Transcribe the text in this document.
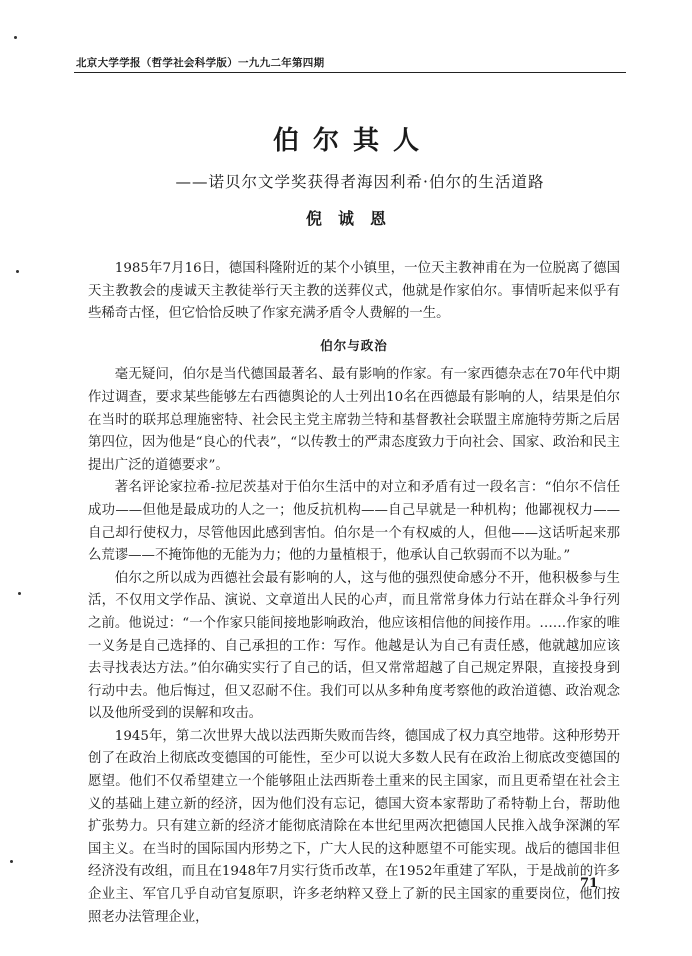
北京大学学报（哲学社会科学版）一九九二年第四期
伯尔其人
——诺贝尔文学奖获得者海因利希·伯尔的生活道路
倪诚恩

1985年7月16日，德国科隆附近的某个小镇里，一位天主教神甫在为一位脱离了德国天主教教会的虔诚天主教徒举行天主教的送葬仪式，他就是作家伯尔。事情听起来似乎有些稀奇古怪，但它恰恰反映了作家充满矛盾令人费解的一生。

伯尔与政治

毫无疑问，伯尔是当代德国最著名、最有影响的作家。有一家西德杂志在70年代中期作过调查，要求某些能够左右西德舆论的人士列出10名在西德最有影响的人，结果是伯尔在当时的联邦总理施密特、社会民主党主席勃兰特和基督教社会联盟主席施特劳斯之后居第四位，因为他是“良心的代表”，“以传教士的严肃态度致力于向社会、国家、政治和民主提出广泛的道德要求”。

著名评论家拉希-拉尼茨基对于伯尔生活中的对立和矛盾有过一段名言：“伯尔不信任成功——但他是最成功的人之一；他反抗机构——自己早就是一种机构；他鄙视权力——自己却行使权力，尽管他因此感到害怕。伯尔是一个有权威的人，但他——这话听起来那么荒谬——不掩饰他的无能为力；他的力量植根于，他承认自己软弱而不以为耻。”

伯尔之所以成为西德社会最有影响的人，这与他的强烈使命感分不开，他积极参与生活，不仅用文学作品、演说、文章道出人民的心声，而且常常身体力行站在群众斗争行列之前。他说过：“一个作家只能间接地影响政治，他应该相信他的间接作用。……作家的唯一义务是自己选择的、自己承担的工作：写作。他越是认为自己有责任感，他就越加应该去寻找表达方法。”伯尔确实实行了自己的话，但又常常超越了自己规定界限，直接投身到行动中去。他后悔过，但又忍耐不住。我们可以从多种角度考察他的政治道德、政治观念以及他所受到的误解和攻击。

1945年，第二次世界大战以法西斯失败而告终，德国成了权力真空地带。这种形势开创了在政治上彻底改变德国的可能性，至少可以说大多数人民有在政治上彻底改变德国的愿望。他们不仅希望建立一个能够阻止法西斯卷土重来的民主国家，而且更希望在社会主义的基础上建立新的经济，因为他们没有忘记，德国大资本家帮助了希特勒上台，帮助他扩张势力。只有建立新的经济才能彻底清除在本世纪里两次把德国人民推入战争深渊的军国主义。在当时的国际国内形势之下，广大人民的这种愿望不可能实现。战后的德国非但经济没有改组，而且在1948年7月实行货币改革，在1952年重建了军队，于是战前的许多企业主、军官几乎自动官复原职，许多老纳粹又登上了新的民主国家的重要岗位，他们按照老办法管理企业，

71
